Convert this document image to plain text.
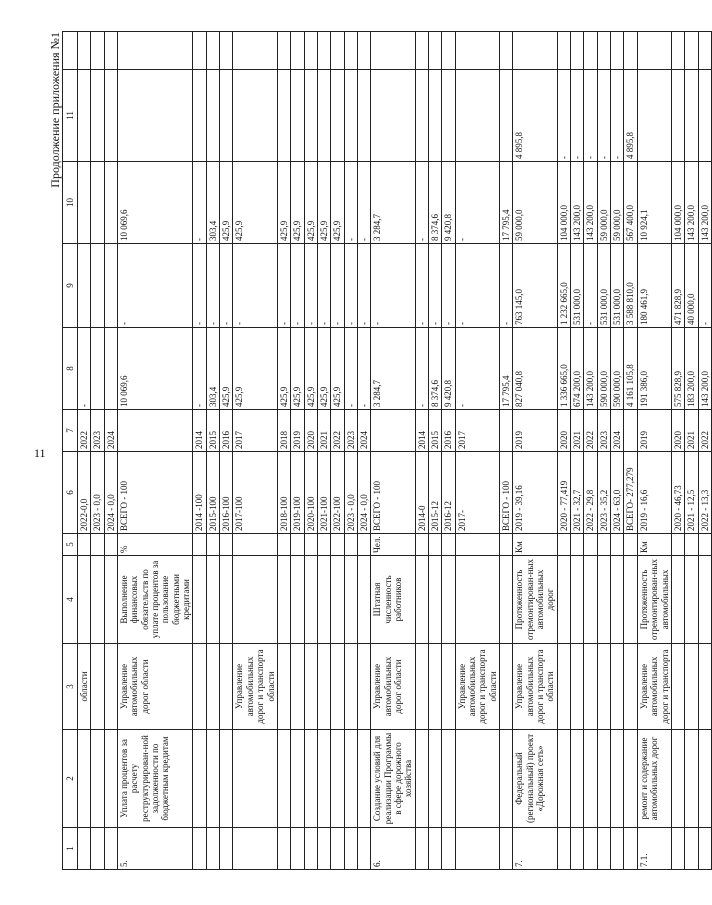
11
Продолжение приложения №1
1	2	3	4	5	6	7	8	9	10	11	
		области			2022-0,0	2022	-				
					2023 - 0,0	2023					
					2024 - 0,0	2024					
5.	Уплата процентов за расчету реструктурирован-ной задолженности по бюджетным кредитам	Управление автомобильных дорог области	Выполнение финансовых обязательств по уплате процентов за пользование бюджетными кредитами	%	ВСЕГО - 100		10 069,6	-	10 069,6		
					2014 -100	2014	-	-	-		
					2015-100	2015	303,4	-	303,4		
					2016-100	2016	425,9	-	425,9		
		Управление автомобильных дорог и транспорта области			2017-100	2017	425,9	-	425,9		
					2018-100	2018	425,9	-	425,9		
					2019-100	2019	425,9	-	425,9		
					2020-100	2020	425,9	-	425,9		
					2021-100	2021	425,9	-	425,9		
					2022-100	2022	425,9	-	425,9		
					2023 - 0,0	2023	-	-	-		
					2024 - 0,0	2024	-	-	-		
6.	Создание условий для реализации Программы в сфере дорожного хозяйства	Управление автомобильных дорог области	Штатная численность работников	Чел.	ВСЕГО - 100		3 284,7	-	3 284,7		
					2014-0	2014	-	-	-		
					2015-12	2015	8 374,6	-	8 374,6		
					2016-12	2016	9 420,8	-	9 420,8		
		Управление автомобильных дорог и транспорта области			2017-	2017	-	-	-		
					ВСЕГО - 100		17 795,4	-	17 795,4		
7.	Федеральный (региональный) проект «Дорожная сеть»	Управление автомобильных дорог и транспорта области	Протяженность отремонтирован-ных автомобильных дорог	Км	2019 - 39,16	2019	827 040,8	763 145,0	59 000,0	4 895,8	
					2020 - 77,419	2020	1 336 665,0	1 232 665,0	104 000,0	-	
					2021 - 32,7	2021	674 200,0	531 000,0	143 200,0	-	
					2022 - 29,8	2022	143 200,0	-	143 200,0	-	
					2023 - 35,2	2023	590 000,0	531 000,0	59 000,0	-	
					2024 - 63,0	2024	590 000,0	531 000,0	59 000,0	-	
					ВСЕГО- 277,279		4 161 105,8	3 588 810,0	567 400,0	4 895,8	
7.1.	ремонт и содержание автомобильных дорог	Управление автомобильных дорог и транспорта	Протяженность отремонтирован-ных автомобильных	Км	2019 - 16,6	2019	191 386,0	180 461,9	10 924,1		
					2020 - 46,73	2020	575 828,9	471 828,9	104 000,0		
					2021 - 12,5	2021	183 200,0	40 000,0	143 200,0		
					2022 - 13,3	2022	143 200,0	-	143 200,0		
